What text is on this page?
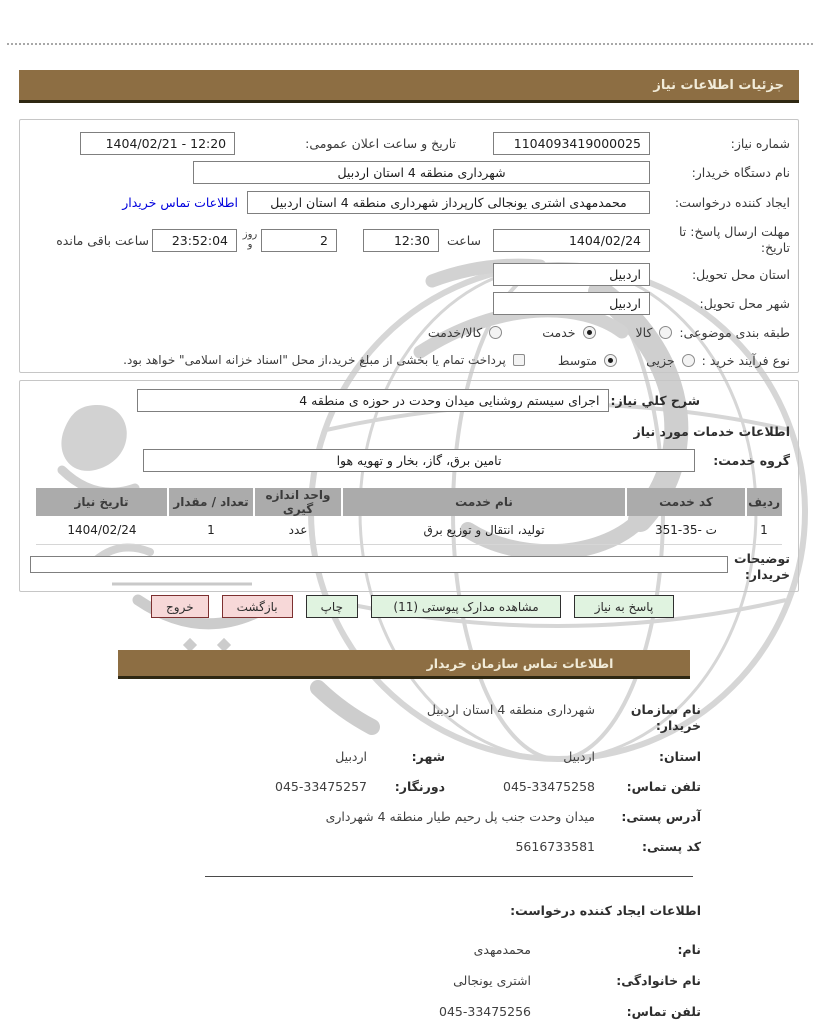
جزئیات اطلاعات نیاز
شماره نیاز:
1104093419000025
تاریخ و ساعت اعلان عمومی:
1404/02/21 - 12:20
نام دستگاه خریدار:
شهرداری منطقه 4 استان اردبیل
ایجاد کننده درخواست:
محمدمهدی اشتری یونجالی کارپرداز شهرداری منطقه 4 استان اردبیل
اطلاعات تماس خریدار
مهلت ارسال پاسخ: تا تاریخ:
1404/02/24
ساعت
12:30
2
روز و
23:52:04
ساعت باقی مانده
استان محل تحویل:
اردبیل
شهر محل تحویل:
اردبیل
طبقه بندی موضوعی:
کالا
خدمت
کالا/خدمت
نوع فرآیند خرید :
جزیی
متوسط
پرداخت تمام یا بخشی از مبلغ خرید،از محل "اسناد خزانه اسلامی" خواهد بود.
شرح کلي نیاز:
اجرای سیستم روشنایی میدان وحدت در حوزه ی منطقه 4
اطلاعات خدمات مورد نیاز
گروه خدمت:
تامین برق، گاز، بخار و تهویه هوا
ردیف	کد خدمت	نام خدمت	واحد اندازه گیری	تعداد / مقدار	تاریخ نیاز
1	351-35- ت	تولید، انتقال و توزیع برق	عدد	1	1404/02/24
توضیحات خریدار:
پاسخ به نیاز
مشاهده مدارک پیوستی (11)
چاپ
بازگشت
خروج
اطلاعات تماس سازمان خریدار
نام سازمان خریدار:
شهرداری منطقه 4 استان اردبیل
استان:
اردبیل
شهر:
اردبیل
تلفن تماس:
045-33475258
دورنگار:
045-33475257
آدرس پستی:
میدان وحدت جنب پل رحیم طیار منطقه 4 شهرداری
کد پستی:
5616733581
اطلاعات ایجاد کننده درخواست:
نام:
محمدمهدی
نام خانوادگی:
اشتری یونجالی
تلفن تماس:
045-33475256
